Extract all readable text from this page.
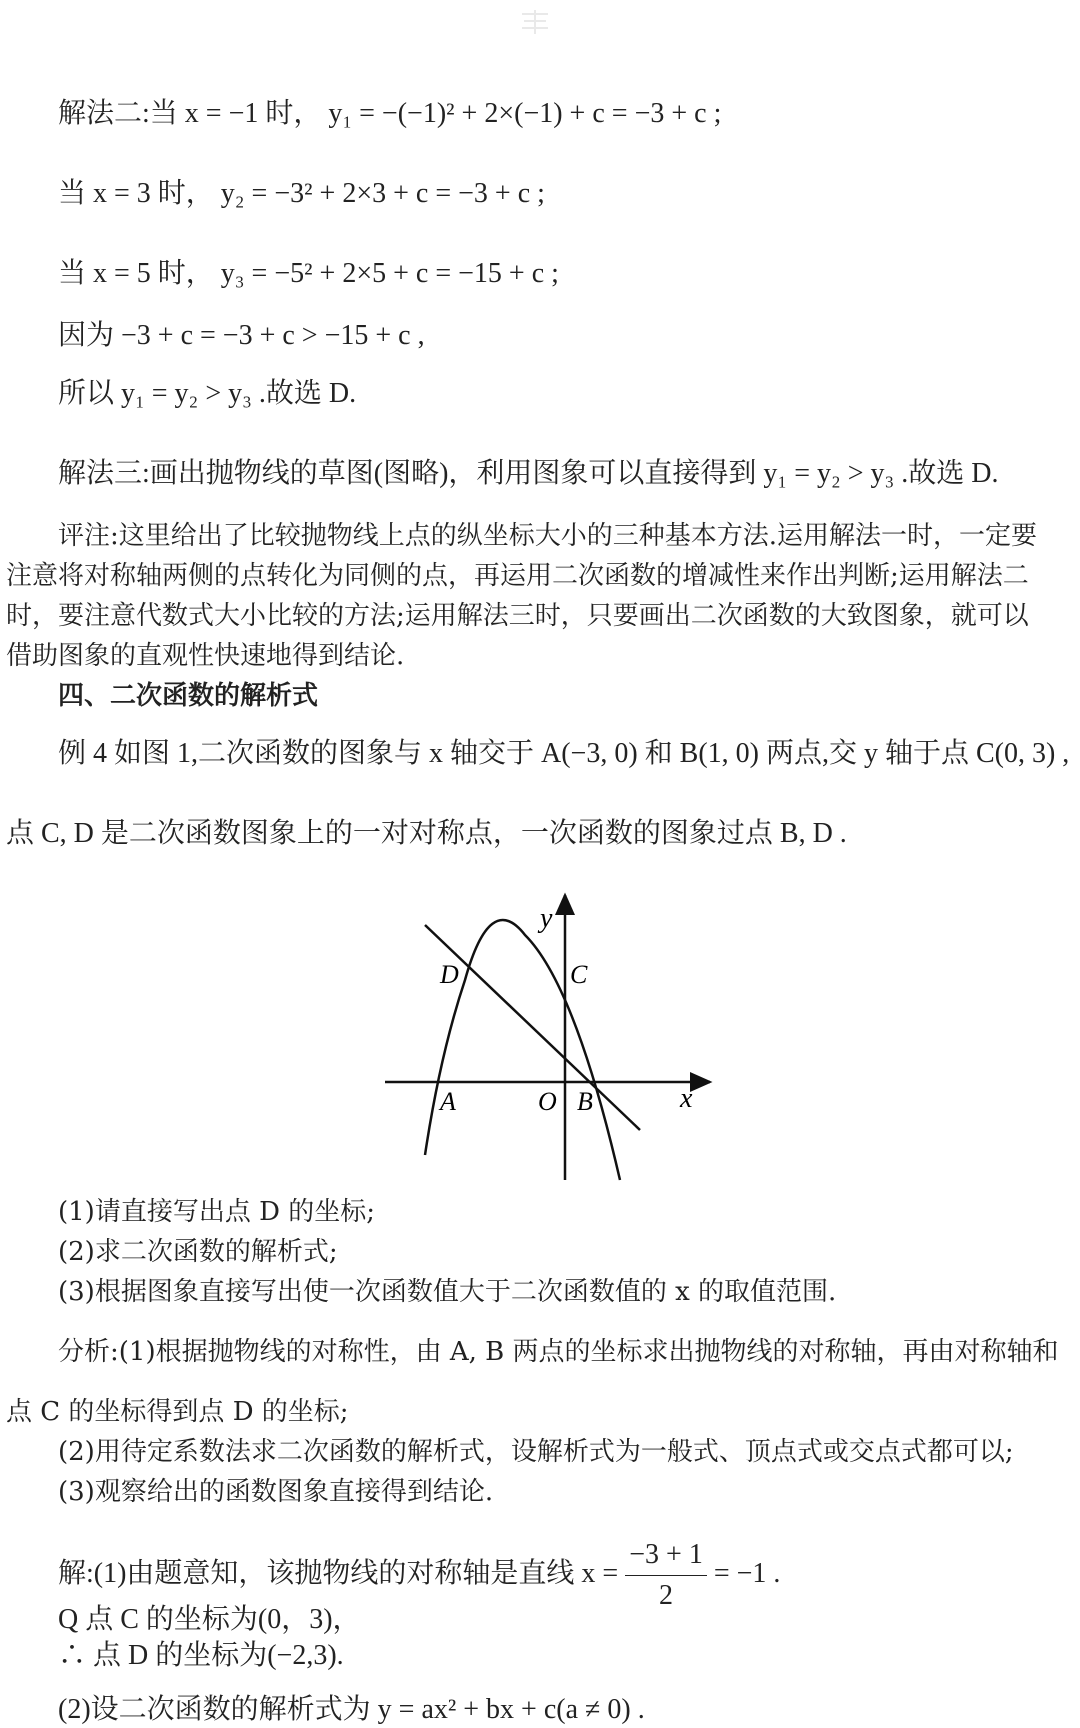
解法二:当 x = −1 时， y₁ = −(−1)² + 2×(−1) + c = −3 + c ;
当 x = 3 时， y₂ = −3² + 2×3 + c = −3 + c ;
当 x = 5 时， y₃ = −5² + 2×5 + c = −15 + c ;
因为 −3 + c = −3 + c > −15 + c ,
所以 y₁ = y₂ > y₃ .故选 D.
解法三:画出抛物线的草图(图略)，利用图象可以直接得到 y₁ = y₂ > y₃ .故选 D.
评注:这里给出了比较抛物线上点的纵坐标大小的三种基本方法.运用解法一时，一定要
注意将对称轴两侧的点转化为同侧的点，再运用二次函数的增减性来作出判断;运用解法二
时，要注意代数式大小比较的方法;运用解法三时，只要画出二次函数的大致图象，就可以
借助图象的直观性快速地得到结论.
四、二次函数的解析式
例 4 如图 1,二次函数的图象与 x 轴交于 A(−3, 0) 和 B(1, 0) 两点,交 y 轴于点 C(0, 3) ,
点 C, D 是二次函数图象上的一对对称点，一次函数的图象过点 B, D .
y
x
A	O B
C
D
(1)请直接写出点 D 的坐标;
(2)求二次函数的解析式;
(3)根据图象直接写出使一次函数值大于二次函数值的 x 的取值范围.
分析:(1)根据抛物线的对称性，由 A, B 两点的坐标求出抛物线的对称轴，再由对称轴和
点 C 的坐标得到点 D 的坐标;
(2)用待定系数法求二次函数的解析式，设解析式为一般式、顶点式或交点式都可以;
(3)观察给出的函数图象直接得到结论.
解:(1)由题意知，该抛物线的对称轴是直线 $x = \frac{-3 + 1}{2} = -1$ .
Q 点 C 的坐标为(0，3)，
∴ 点 D 的坐标为(−2,3).
(2)设二次函数的解析式为 y = ax² + bx + c(a ≠ 0) .
